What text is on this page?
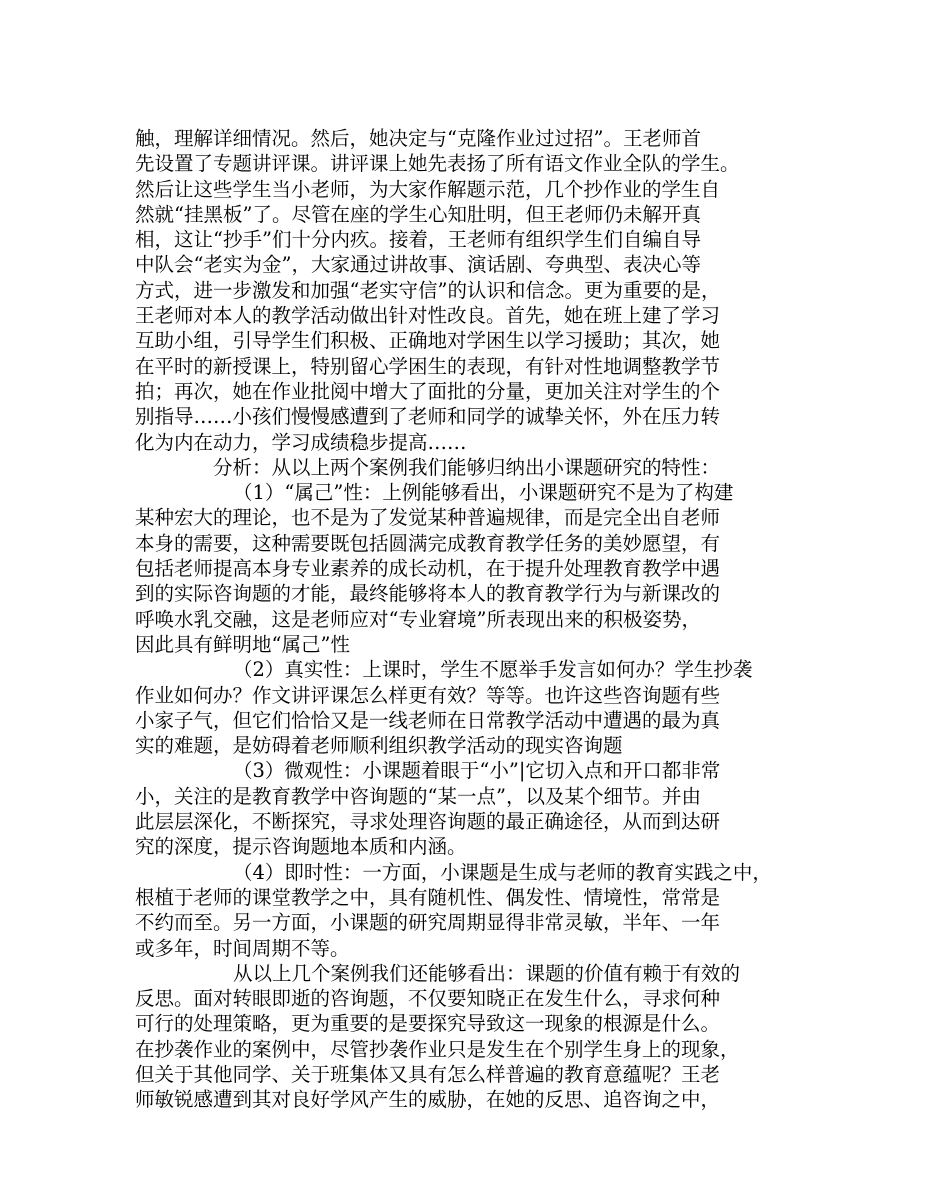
触，理解详细情况。然后，她决定与“克隆作业过过招”。王老师首
先设置了专题讲评课。讲评课上她先表扬了所有语文作业全队的学生。
然后让这些学生当小老师，为大家作解题示范，几个抄作业的学生自
然就“挂黑板”了。尽管在座的学生心知肚明，但王老师仍未解开真
相，这让“抄手”们十分内疚。接着，王老师有组织学生们自编自导
中队会“老实为金”，大家通过讲故事、演话剧、夸典型、表决心等
方式，进一步激发和加强“老实守信”的认识和信念。更为重要的是，
王老师对本人的教学活动做出针对性改良。首先，她在班上建了学习
互助小组，引导学生们积极、正确地对学困生以学习援助；其次，她
在平时的新授课上，特别留心学困生的表现，有针对性地调整教学节
拍；再次，她在作业批阅中增大了面批的分量，更加关注对学生的个
别指导……小孩们慢慢感遭到了老师和同学的诚挚关怀，外在压力转
化为内在动力，学习成绩稳步提高……
分析：从以上两个案例我们能够归纳出小课题研究的特性：
（1）“属己”性：上例能够看出，小课题研究不是为了构建
某种宏大的理论，也不是为了发觉某种普遍规律，而是完全出自老师
本身的需要，这种需要既包括圆满完成教育教学任务的美妙愿望，有
包括老师提高本身专业素养的成长动机，在于提升处理教育教学中遇
到的实际咨询题的才能，最终能够将本人的教育教学行为与新课改的
呼唤水乳交融，这是老师应对“专业窘境”所表现出来的积极姿势，
因此具有鲜明地“属己”性
（2）真实性：上课时，学生不愿举手发言如何办？学生抄袭
作业如何办？作文讲评课怎么样更有效？等等。也许这些咨询题有些
小家子气，但它们恰恰又是一线老师在日常教学活动中遭遇的最为真
实的难题，是妨碍着老师顺利组织教学活动的现实咨询题
（3）微观性：小课题着眼于“小”|它切入点和开口都非常
小，关注的是教育教学中咨询题的“某一点”，以及某个细节。并由
此层层深化，不断探究，寻求处理咨询题的最正确途径，从而到达研
究的深度，提示咨询题地本质和内涵。
（4）即时性：一方面，小课题是生成与老师的教育实践之中，
根植于老师的课堂教学之中，具有随机性、偶发性、情境性，常常是
不约而至。另一方面，小课题的研究周期显得非常灵敏，半年、一年
或多年，时间周期不等。
从以上几个案例我们还能够看出：课题的价值有赖于有效的
反思。面对转眼即逝的咨询题，不仅要知晓正在发生什么，寻求何种
可行的处理策略，更为重要的是要探究导致这一现象的根源是什么。
在抄袭作业的案例中，尽管抄袭作业只是发生在个别学生身上的现象，
但关于其他同学、关于班集体又具有怎么样普遍的教育意蕴呢？王老
师敏锐感遭到其对良好学风产生的威胁，在她的反思、追咨询之中，
